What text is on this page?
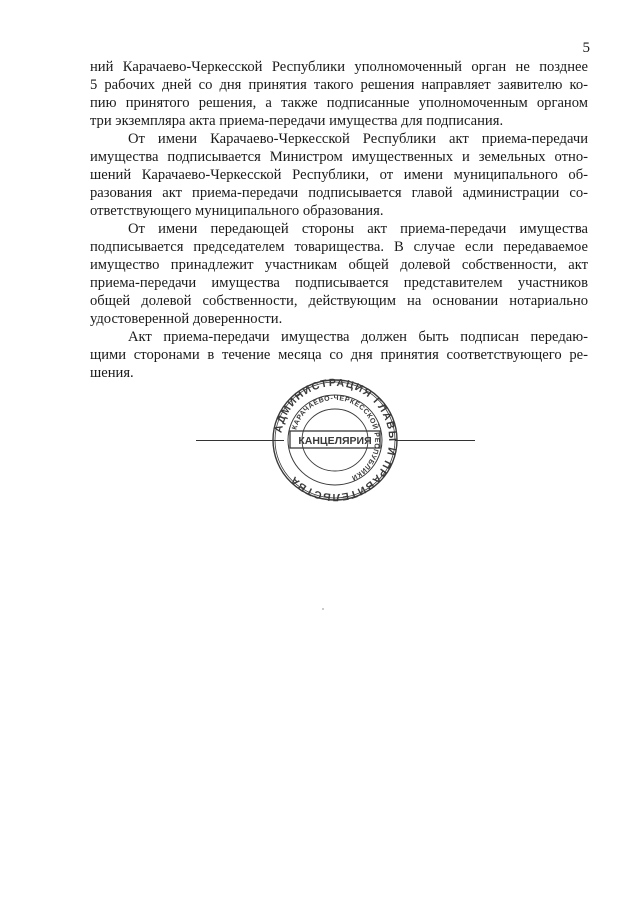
5

ний Карачаево-Черкесской Республики уполномоченный орган не позднее
5 рабочих дней со дня принятия такого решения направляет заявителю ко-
пию принятого решения, а также подписанные уполномоченным органом
три экземпляра акта приема-передачи имущества для подписания.

От имени Карачаево-Черкесской Республики акт приема-передачи
имущества подписывается Министром имущественных и земельных отно-
шений Карачаево-Черкесской Республики, от имени муниципального об-
разования акт приема-передачи подписывается главой администрации со-
ответствующего муниципального образования.

От имени передающей стороны акт приема-передачи имущества
подписывается председателем товарищества. В случае если передаваемое
имущество принадлежит участникам общей долевой собственности, акт
приема-передачи имущества подписывается представителем участников
общей долевой собственности, действующим на основании нотариально
удостоверенной доверенности.

Акт приема-передачи имущества должен быть подписан передаю-
щими сторонами в течение месяца со дня принятия соответствующего ре-
шения.

АДМИНИСТРАЦИЯ ГЛАВЫ И ПРАВИТЕЛЬСТВА
КАРАЧАЕВО-ЧЕРКЕССКОЙ РЕСПУБЛИКИ
КАНЦЕЛЯРИЯ
